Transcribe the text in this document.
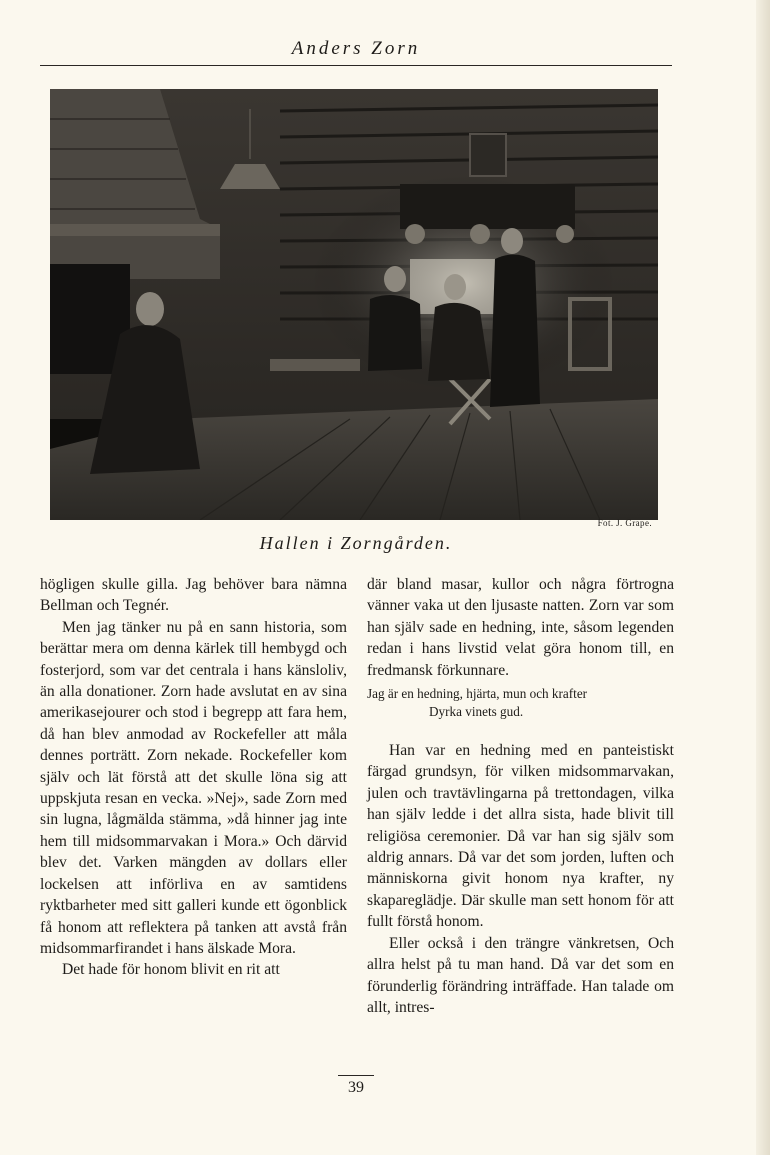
Anders Zorn
Fot. J. Grape.
Hallen i Zorngården.

högligen skulle gilla. Jag behöver bara nämna Bellman och Tegnér.

Men jag tänker nu på en sann historia, som berättar mera om denna kärlek till hembygd och fosterjord, som var det centrala i hans känsloliv, än alla donationer. Zorn hade avslutat en av sina amerikasejourer och stod i begrepp att fara hem, då han blev anmodad av Rockefeller att måla dennes porträtt. Zorn nekade. Rockefeller kom själv och lät förstå att det skulle löna sig att uppskjuta resan en vecka. »Nej», sade Zorn med sin lugna, lågmälda stämma, »då hinner jag inte hem till midsommarvakan i Mora.» Och därvid blev det. Varken mängden av dollars eller lockelsen att införliva en av samtidens ryktbarheter med sitt galleri kunde ett ögonblick få honom att reflektera på tanken att avstå från midsommarfirandet i hans älskade Mora.

Det hade för honom blivit en rit att

där bland masar, kullor och några förtrogna vänner vaka ut den ljusaste natten. Zorn var som han själv sade en hedning, inte, såsom legenden redan i hans livstid velat göra honom till, en fredmansk förkunnare.

Jag är en hedning, hjärta, mun och krafter
Dyrka vinets gud.

Han var en hedning med en panteistiskt färgad grundsyn, för vilken midsommarvakan, julen och travtävlingarna på trettondagen, vilka han själv ledde i det allra sista, hade blivit till religiösa ceremonier. Då var han sig själv som aldrig annars. Då var det som jorden, luften och människorna givit honom nya krafter, ny skapareglädje. Där skulle man sett honom för att fullt förstå honom.

Eller också i den trängre vänkretsen, Och allra helst på tu man hand. Då var det som en förunderlig förändring inträffade. Han talade om allt, intres-

39
